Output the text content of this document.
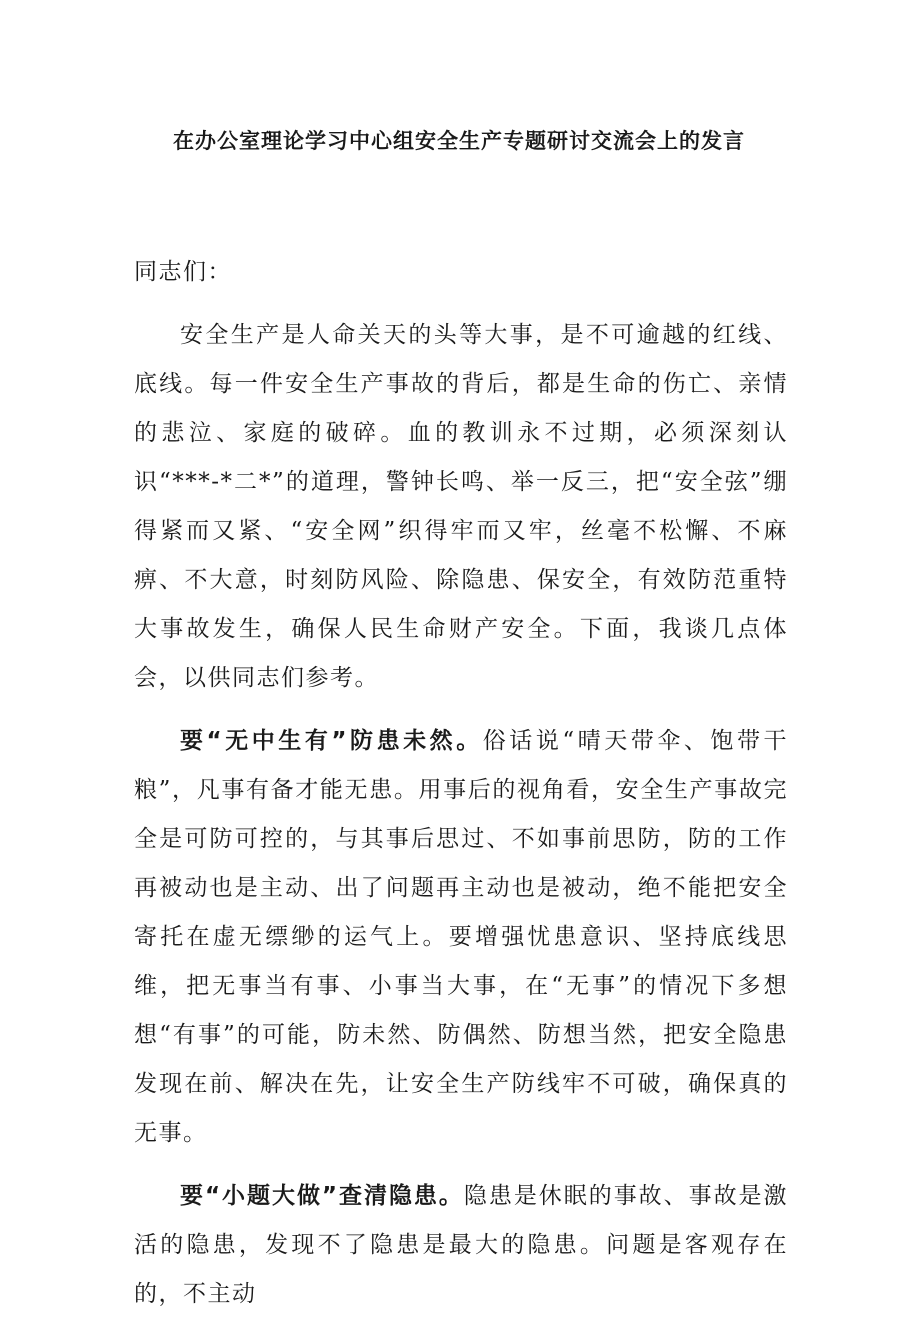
在办公室理论学习中心组安全生产专题研讨交流会上的发言

同志们：

安全生产是人命关天的头等大事，是不可逾越的红线、底线。每一件安全生产事故的背后，都是生命的伤亡、亲情的悲泣、家庭的破碎。血的教训永不过期，必须深刻认识“***-*二*”的道理，警钟长鸣、举一反三，把“安全弦”绷得紧而又紧、“安全网”织得牢而又牢，丝毫不松懈、不麻痹、不大意，时刻防风险、除隐患、保安全，有效防范重特大事故发生，确保人民生命财产安全。下面，我谈几点体会，以供同志们参考。

要“无中生有”防患未然。俗话说“晴天带伞、饱带干粮”，凡事有备才能无患。用事后的视角看，安全生产事故完全是可防可控的，与其事后思过、不如事前思防，防的工作再被动也是主动、出了问题再主动也是被动，绝不能把安全寄托在虚无缥缈的运气上。要增强忧患意识、坚持底线思维，把无事当有事、小事当大事，在“无事”的情况下多想想“有事”的可能，防未然、防偶然、防想当然，把安全隐患发现在前、解决在先，让安全生产防线牢不可破，确保真的无事。

要“小题大做”查清隐患。隐患是休眠的事故、事故是激活的隐患，发现不了隐患是最大的隐患。问题是客观存在的，不主动
